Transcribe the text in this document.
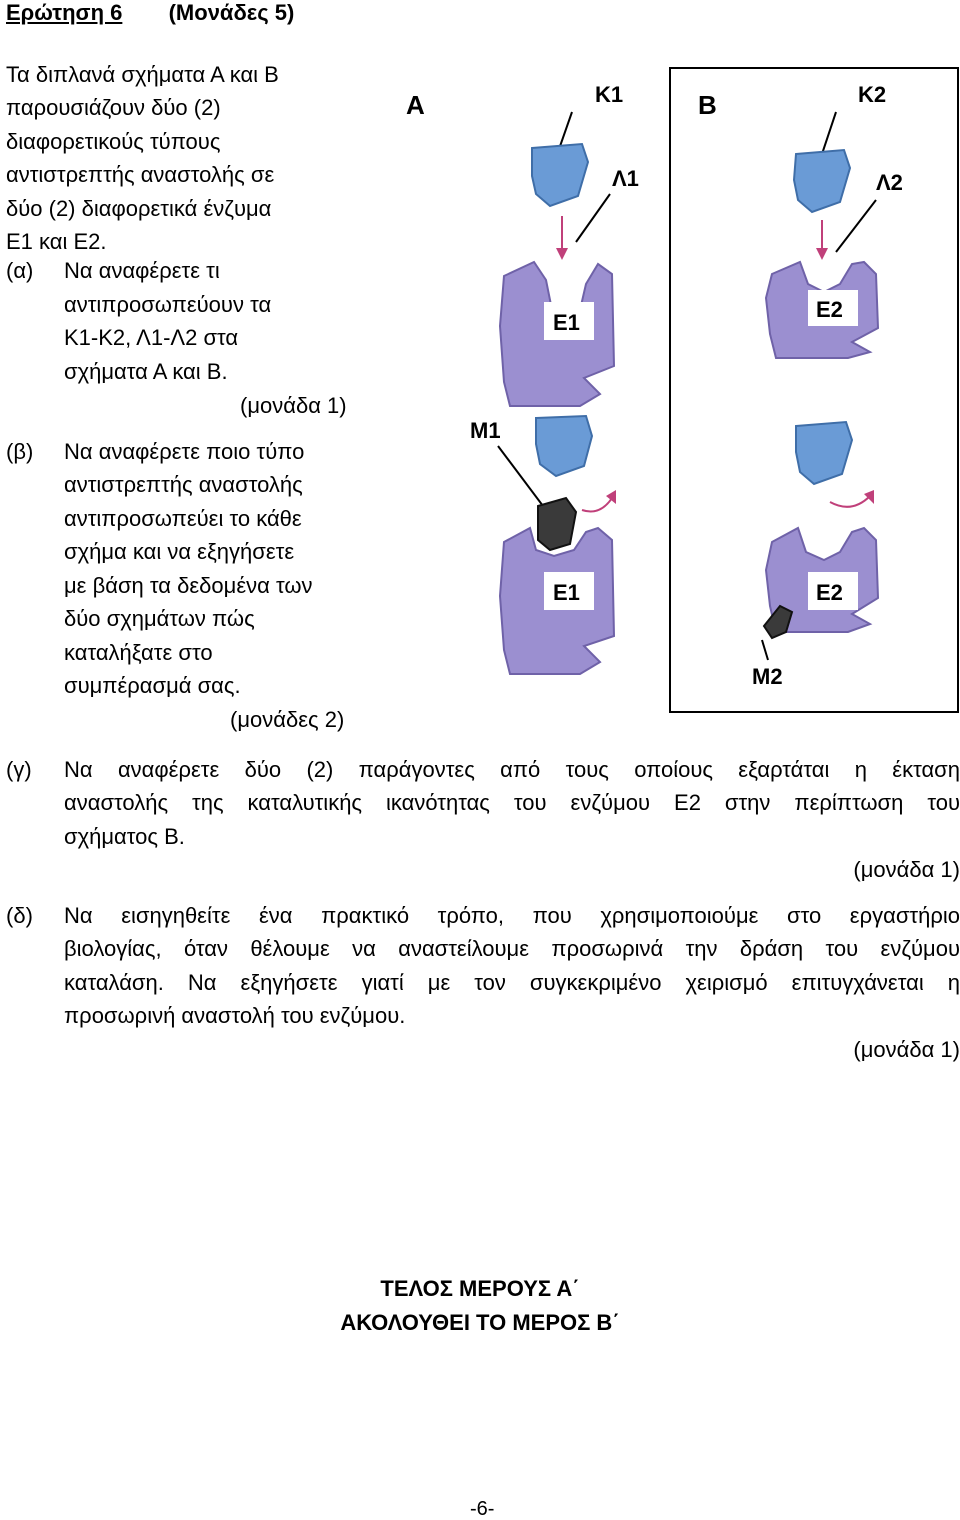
Ερώτηση 6 (Μονάδες 5)
Τα διπλανά σχήματα Α και Β
παρουσιάζουν δύο (2)
διαφορετικούς τύπους
αντιστρεπτής αναστολής σε
δύο (2) διαφορετικά ένζυμα
Ε1 και Ε2.
(α) Να αναφέρετε τι
αντιπροσωπεύουν τα
Κ1-Κ2, Λ1-Λ2 στα
σχήματα Α και Β.
(μονάδα 1)
(β) Να αναφέρετε ποιο τύπο
αντιστρεπτής αναστολής
αντιπροσωπεύει το κάθε
σχήμα και να εξηγήσετε
με βάση τα δεδομένα των
δύο σχημάτων πώς
καταλήξατε στο
συμπέρασμά σας.
(μονάδες 2)
Α	Κ1
Λ1
Μ1
Β	Κ2
Λ2
Μ2
Ε1
Ε1
Ε2
Ε2
(γ) Να αναφέρετε δύο (2) παράγοντες από τους οποίους εξαρτάται η έκταση
αναστολής της καταλυτικής ικανότητας του ενζύμου Ε2 στην περίπτωση του
σχήματος Β.
(μονάδα 1)
(δ) Να εισηγηθείτε ένα πρακτικό τρόπο, που χρησιμοποιούμε στο εργαστήριο
βιολογίας, όταν θέλουμε να αναστείλουμε προσωρινά την δράση του ενζύμου
καταλάση. Να εξηγήσετε γιατί με τον συγκεκριμένο χειρισμό επιτυγχάνεται η
προσωρινή αναστολή του ενζύμου.
(μονάδα 1)
ΤΕΛΟΣ ΜΕΡΟΥΣ Α΄
ΑΚΟΛΟΥΘΕΙ ΤΟ ΜΕΡΟΣ Β΄
-6-
